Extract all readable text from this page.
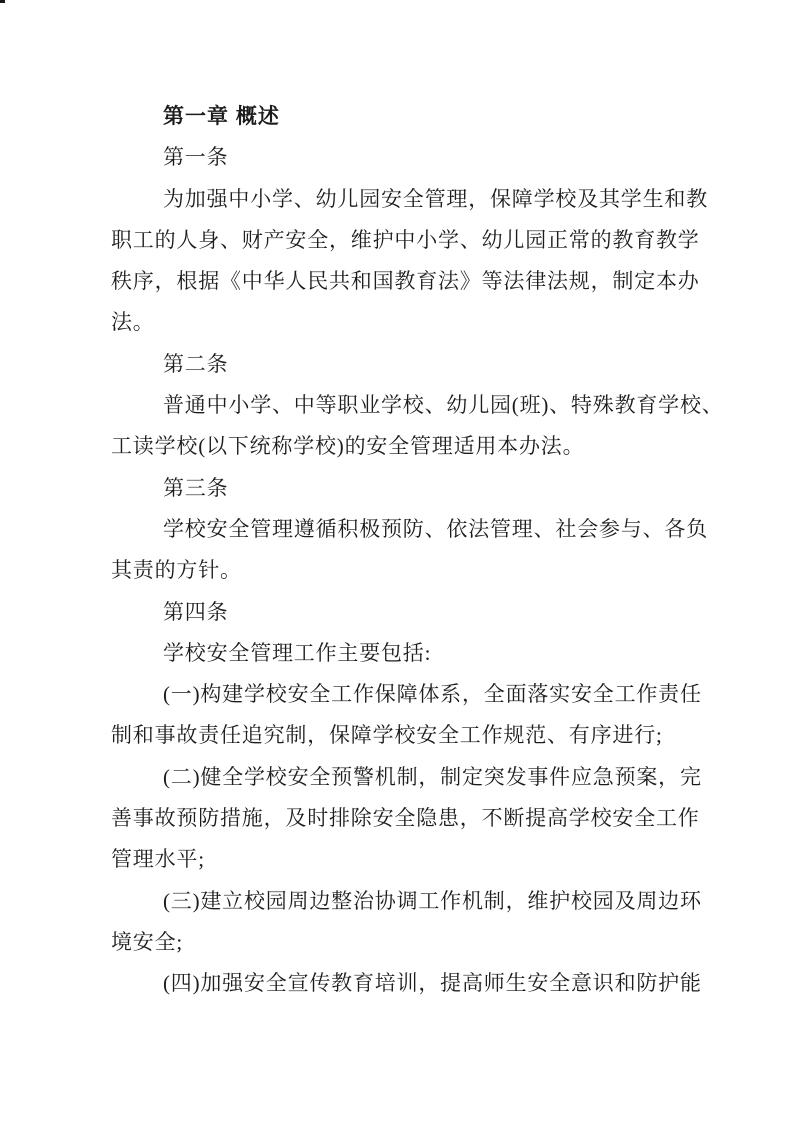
第一章 概述
第一条
为加强中小学、幼儿园安全管理，保障学校及其学生和教
职工的人身、财产安全，维护中小学、幼儿园正常的教育教学
秩序，根据《中华人民共和国教育法》等法律法规，制定本办
法。
第二条
普通中小学、中等职业学校、幼儿园(班)、特殊教育学校、
工读学校(以下统称学校)的安全管理适用本办法。
第三条
学校安全管理遵循积极预防、依法管理、社会参与、各负
其责的方针。
第四条
学校安全管理工作主要包括:
(一)构建学校安全工作保障体系，全面落实安全工作责任
制和事故责任追究制，保障学校安全工作规范、有序进行;
(二)健全学校安全预警机制，制定突发事件应急预案，完
善事故预防措施，及时排除安全隐患，不断提高学校安全工作
管理水平;
(三)建立校园周边整治协调工作机制，维护校园及周边环
境安全;
(四)加强安全宣传教育培训，提高师生安全意识和防护能
